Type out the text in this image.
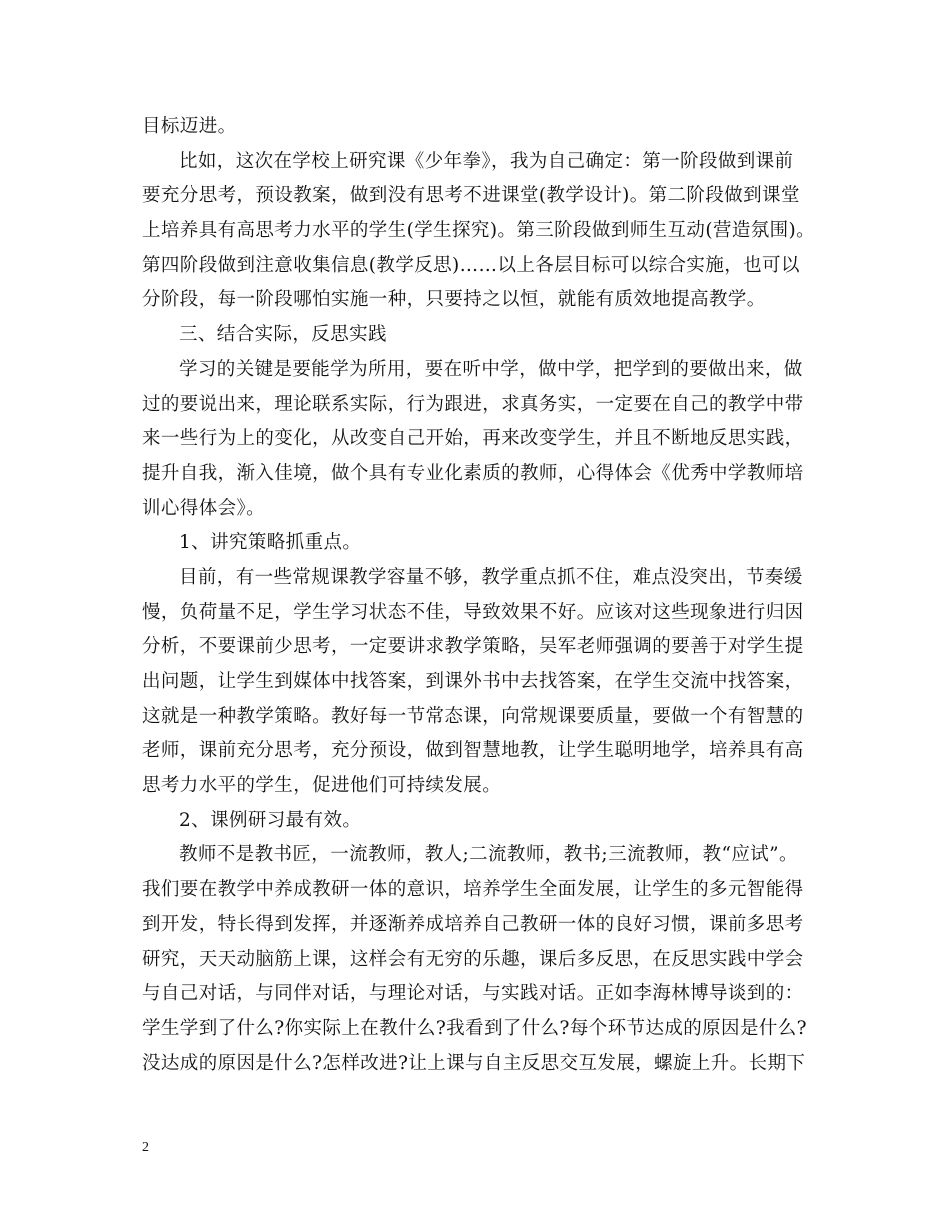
目标迈进。
比如，这次在学校上研究课《少年拳》，我为自己确定：第一阶段做到课前
要充分思考，预设教案，做到没有思考不进课堂(教学设计)。第二阶段做到课堂
上培养具有高思考力水平的学生(学生探究)。第三阶段做到师生互动(营造氛围)。
第四阶段做到注意收集信息(教学反思)……以上各层目标可以综合实施，也可以
分阶段，每一阶段哪怕实施一种，只要持之以恒，就能有质效地提高教学。
三、结合实际，反思实践
学习的关键是要能学为所用，要在听中学，做中学，把学到的要做出来，做
过的要说出来，理论联系实际，行为跟进，求真务实，一定要在自己的教学中带
来一些行为上的变化，从改变自己开始，再来改变学生，并且不断地反思实践，
提升自我，渐入佳境，做个具有专业化素质的教师，心得体会《优秀中学教师培
训心得体会》。
1、讲究策略抓重点。
目前，有一些常规课教学容量不够，教学重点抓不住，难点没突出，节奏缓
慢，负荷量不足，学生学习状态不佳，导致效果不好。应该对这些现象进行归因
分析，不要课前少思考，一定要讲求教学策略，吴军老师强调的要善于对学生提
出问题，让学生到媒体中找答案，到课外书中去找答案，在学生交流中找答案，
这就是一种教学策略。教好每一节常态课，向常规课要质量，要做一个有智慧的
老师，课前充分思考，充分预设，做到智慧地教，让学生聪明地学，培养具有高
思考力水平的学生，促进他们可持续发展。
2、课例研习最有效。
教师不是教书匠，一流教师，教人;二流教师，教书;三流教师，教“应试”。
我们要在教学中养成教研一体的意识，培养学生全面发展，让学生的多元智能得
到开发，特长得到发挥，并逐渐养成培养自己教研一体的良好习惯，课前多思考
研究，天天动脑筋上课，这样会有无穷的乐趣，课后多反思，在反思实践中学会
与自己对话，与同伴对话，与理论对话，与实践对话。正如李海林博导谈到的：
学生学到了什么?你实际上在教什么?我看到了什么?每个环节达成的原因是什么?
没达成的原因是什么?怎样改进?让上课与自主反思交互发展，螺旋上升。长期下
2
